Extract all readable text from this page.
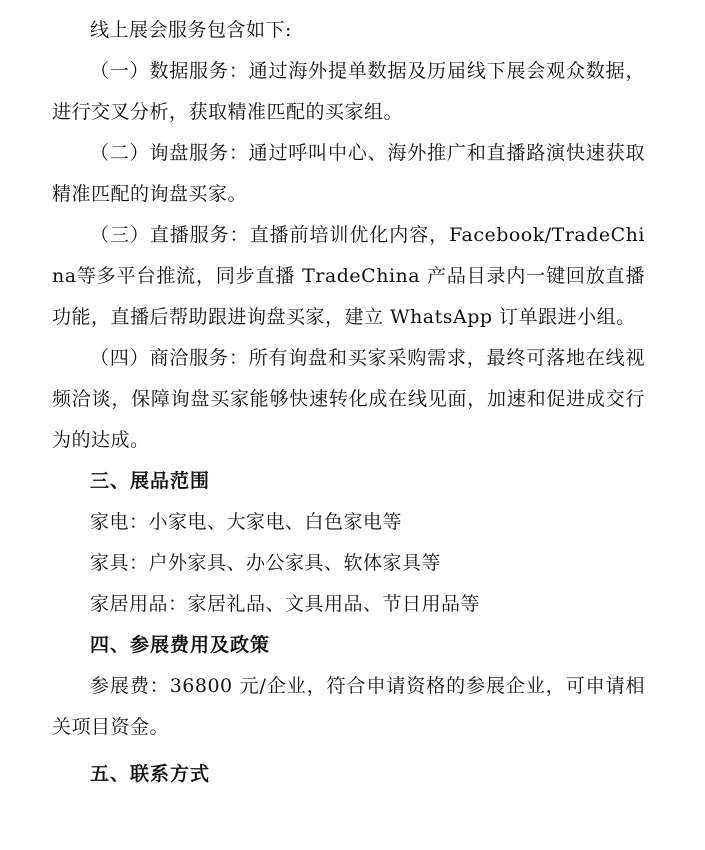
线上展会服务包含如下:

（一）数据服务：通过海外提单数据及历届线下展会观众数据，进行交叉分析，获取精准匹配的买家组。

（二）询盘服务：通过呼叫中心、海外推广和直播路演快速获取精准匹配的询盘买家。

（三）直播服务：直播前培训优化内容，Facebook/TradeChina等多平台推流，同步直播 TradeChina 产品目录内一键回放直播功能，直播后帮助跟进询盘买家，建立 WhatsApp 订单跟进小组。

（四）商洽服务：所有询盘和买家采购需求，最终可落地在线视频洽谈，保障询盘买家能够快速转化成在线见面，加速和促进成交行为的达成。

三、展品范围

家电：小家电、大家电、白色家电等

家具：户外家具、办公家具、软体家具等

家居用品：家居礼品、文具用品、节日用品等

四、参展费用及政策

参展费：36800 元/企业，符合申请资格的参展企业，可申请相关项目资金。

五、联系方式
